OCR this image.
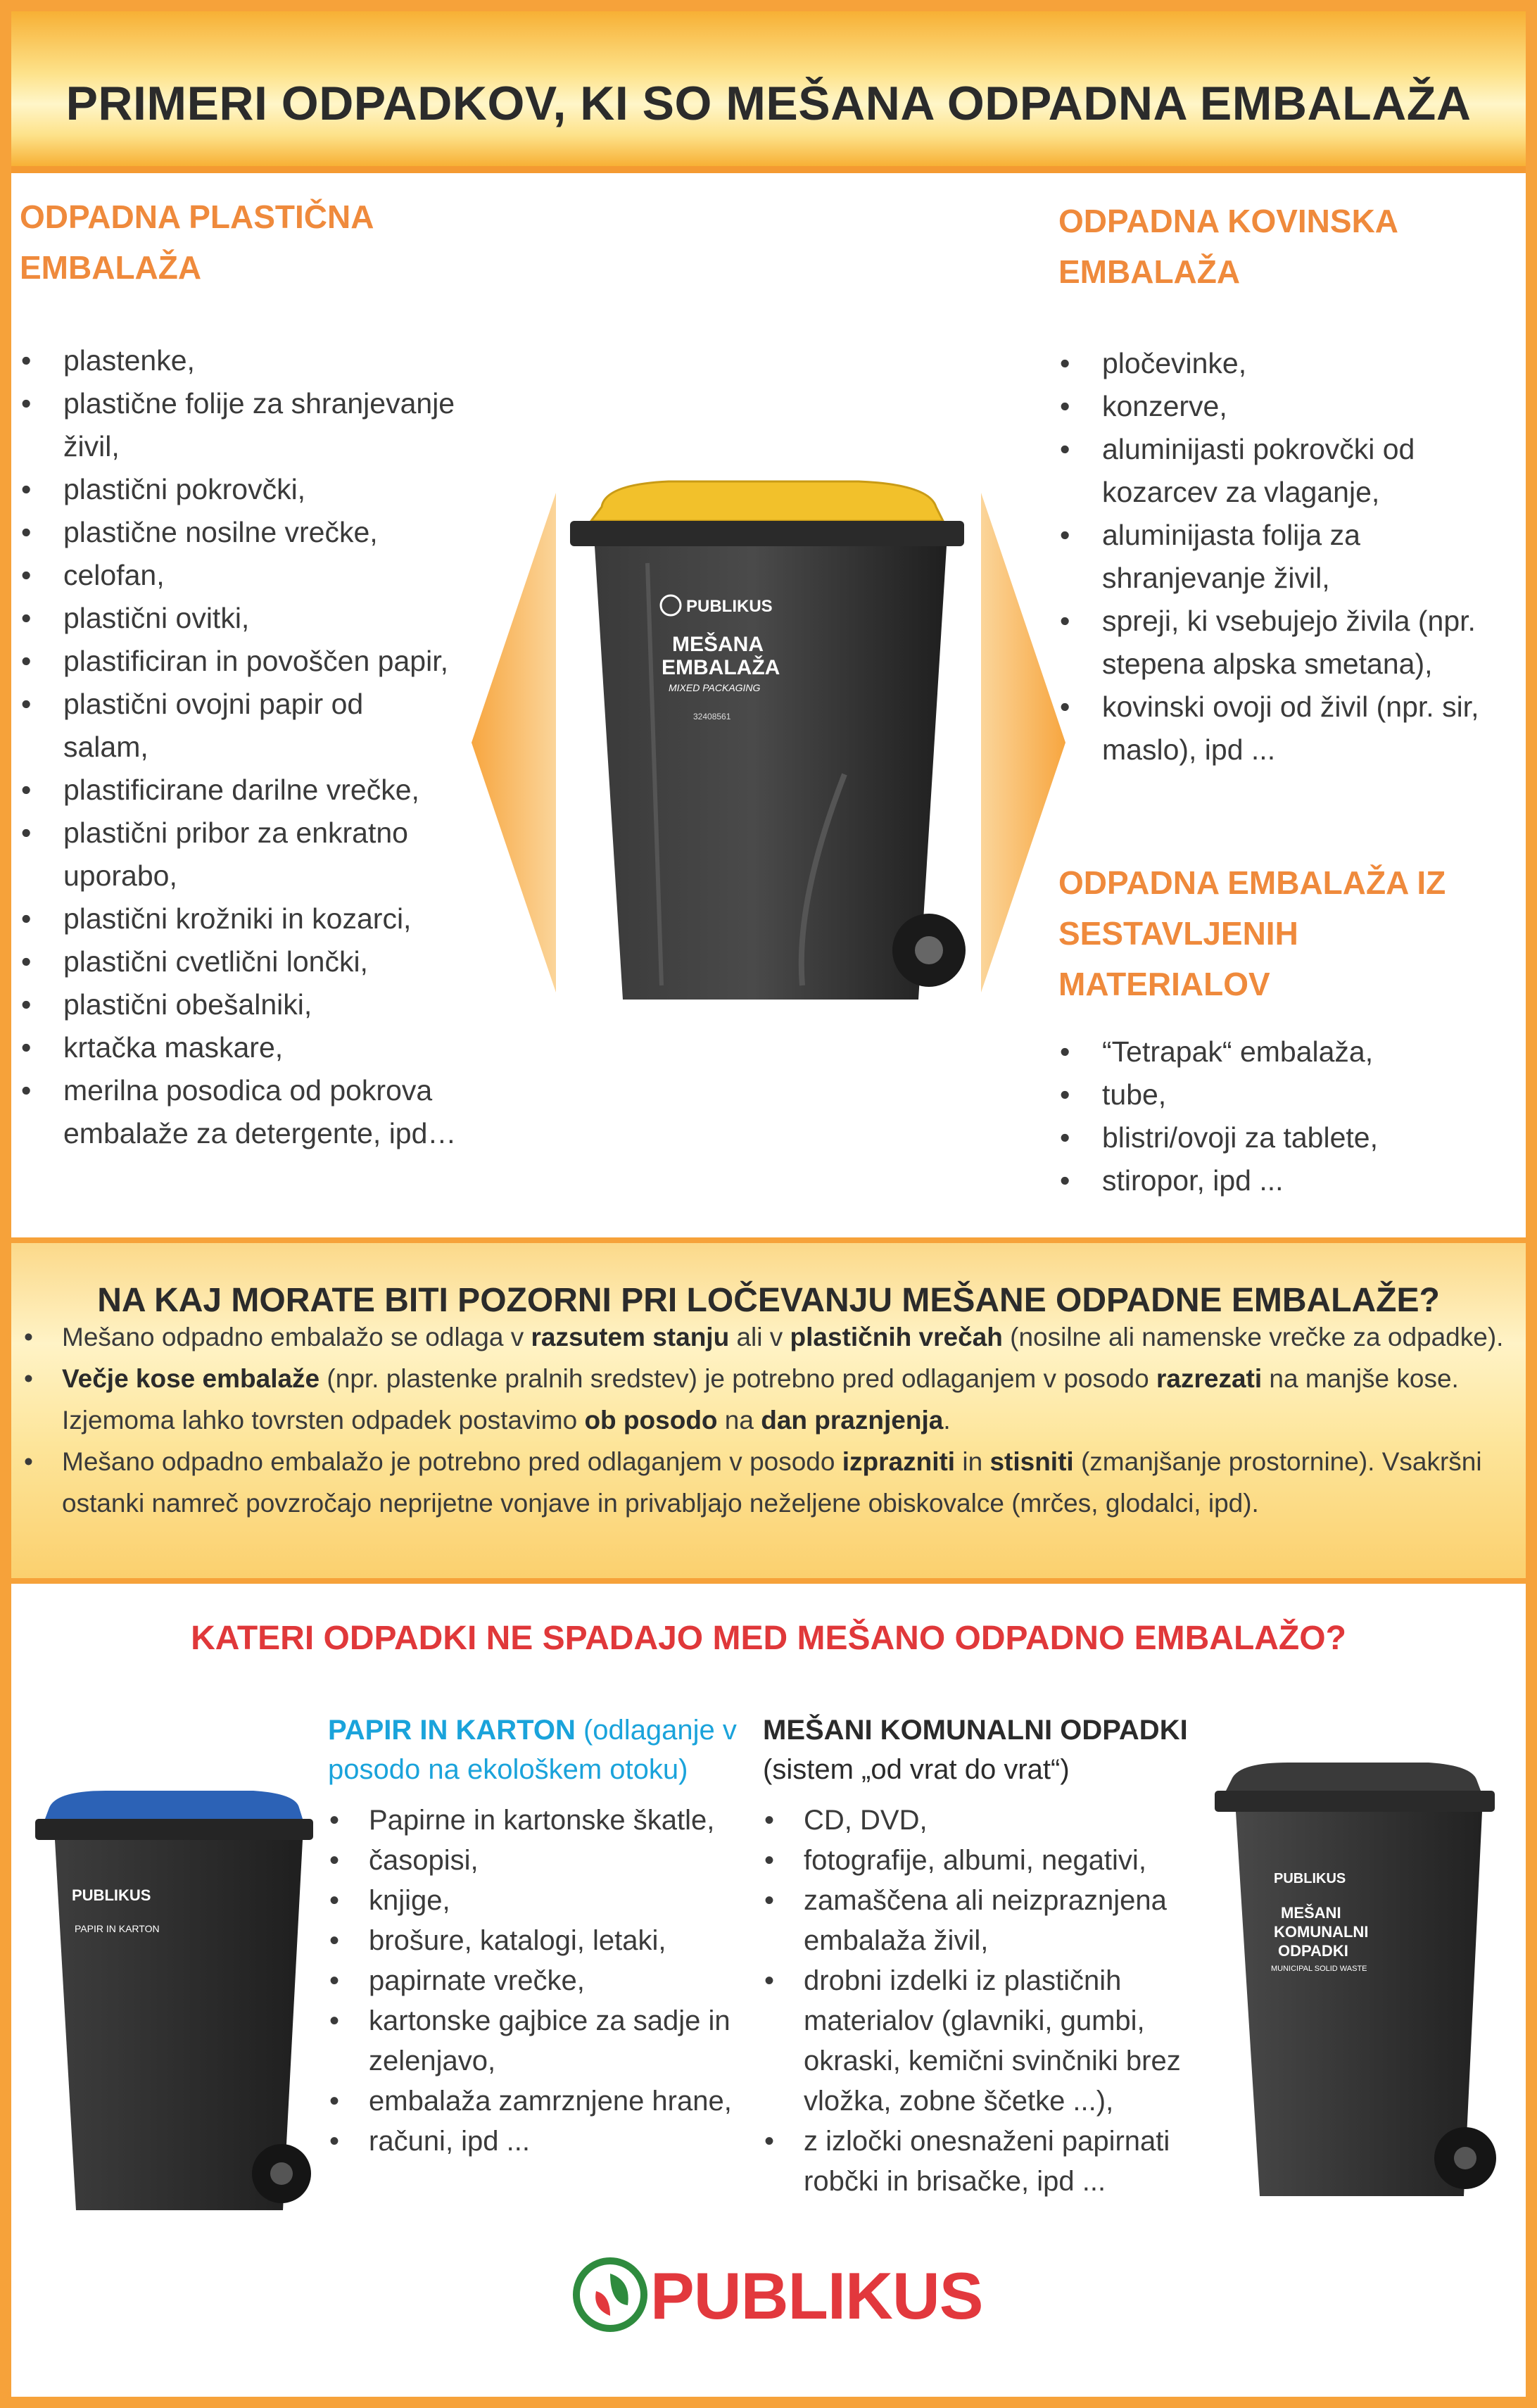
PRIMERI ODPADKOV, KI SO MEŠANA ODPADNA EMBALAŽA
ODPADNA PLASTIČNA
EMBALAŽA
• plastenke,
• plastične folije za shranjevanje živil,
• plastični pokrovčki,
• plastične nosilne vrečke,
• celofan,
• plastični ovitki,
• plastificiran in povoščen papir,
• plastični ovojni papir od salam,
• plastificirane darilne vrečke,
• plastični pribor za enkratno uporabo,
• plastični krožniki in kozarci,
• plastični cvetlični lončki,
• plastični obešalniki,
• krtačka maskare,
• merilna posodica od pokrova embalaže za detergente, ipd…
PUBLIKUS
MEŠANA
EMBALAŽA
MIXED PACKAGING
32408561
ODPADNA KOVINSKA
EMBALAŽA
• pločevinke,
• konzerve,
• aluminijasti pokrovčki od kozarcev za vlaganje,
• aluminijasta folija za shranjevanje živil,
• spreji, ki vsebujejo živila (npr. stepena alpska smetana),
• kovinski ovoji od živil (npr. sir, maslo), ipd ...
ODPADNA EMBALAŽA IZ
SESTAVLJENIH
MATERIALOV
• “Tetrapak“ embalaža,
• tube,
• blistri/ovoji za tablete,
• stiropor, ipd ...
NA KAJ MORATE BITI POZORNI PRI LOČEVANJU MEŠANE ODPADNE EMBALAŽE?
• Mešano odpadno embalažo se odlaga v razsutem stanju ali v plastičnih vrečah (nosilne ali namenske vrečke za odpadke).
• Večje kose embalaže (npr. plastenke pralnih sredstev) je potrebno pred odlaganjem v posodo razrezati na manjše kose. Izjemoma lahko tovrsten odpadek postavimo ob posodo na dan praznjenja.
• Mešano odpadno embalažo je potrebno pred odlaganjem v posodo izprazniti in stisniti (zmanjšanje prostornine). Vsakršni ostanki namreč povzročajo neprijetne vonjave in privabljajo neželjene obiskovalce (mrčes, glodalci, ipd).
KATERI ODPADKI NE SPADAJO MED MEŠANO ODPADNO EMBALAŽO?
PUBLIKUS
PAPIR IN KARTON

PAPIR IN KARTON (odlaganje v posodo na ekološkem otoku)

• Papirne in kartonske škatle,
• časopisi,
• knjige,
• brošure, katalogi, letaki,
• papirnate vrečke,
• kartonske gajbice za sadje in zelenjavo,
• embalaža zamrznjene hrane,
• računi, ipd ...

MEŠANI KOMUNALNI ODPADKI
(sistem „od vrat do vrat“)

• CD, DVD,
• fotografije, albumi, negativi,
• zamaščena ali neizpraznjena embalaža živil,
• drobni izdelki iz plastičnih materialov (glavniki, gumbi, okraski, kemični svinčniki brez vložka, zobne ščetke ...),
• z izločki onesnaženi papirnati robčki in brisačke, ipd ...
PUBLIKUS
MEŠANI
KOMUNALNI
ODPADKI
MUNICIPAL SOLID WASTE
PUBLIKUS
